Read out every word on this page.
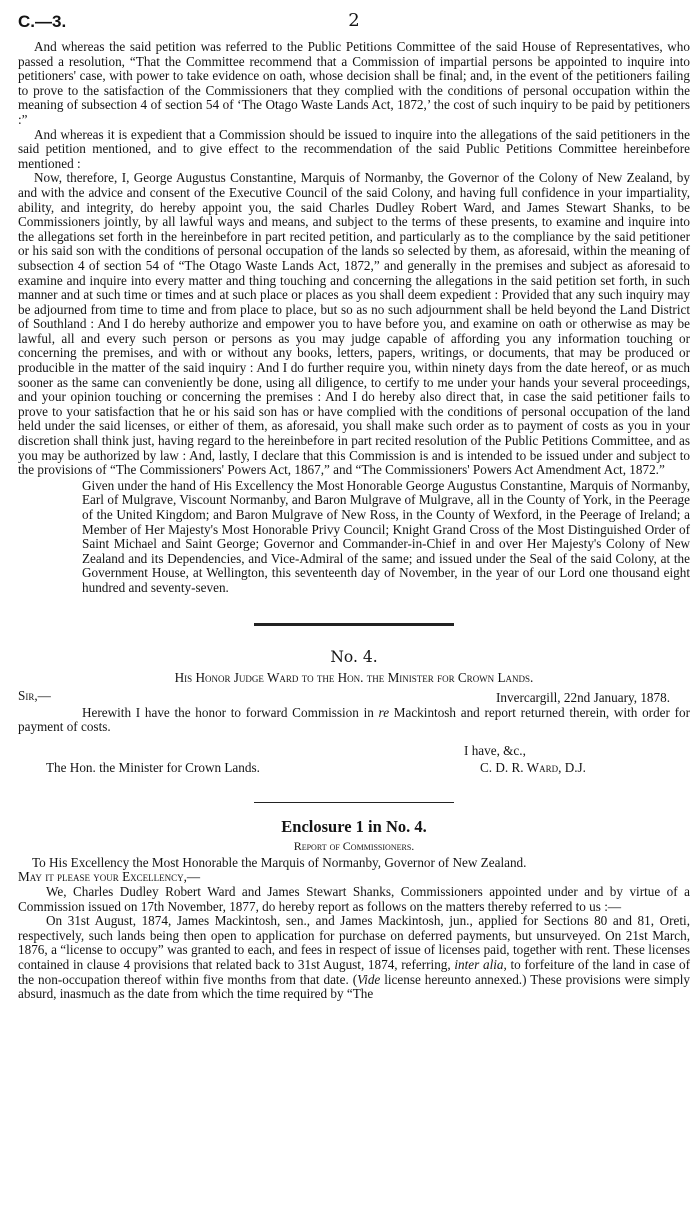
C.—3.	2

And whereas the said petition was referred to the Public Petitions Committee of the said House of Representatives, who passed a resolution, “That the Committee recommend that a Commission of impartial persons be appointed to inquire into petitioners' case, with power to take evidence on oath, whose decision shall be final; and, in the event of the petitioners failing to prove to the satisfaction of the Commissioners that they complied with the conditions of personal occupation within the meaning of subsection 4 of section 54 of ‘The Otago Waste Lands Act, 1872,’ the cost of such inquiry to be paid by petitioners :”

And whereas it is expedient that a Commission should be issued to inquire into the allegations of the said petitioners in the said petition mentioned, and to give effect to the recommendation of the said Public Petitions Committee hereinbefore mentioned :

Now, therefore, I, George Augustus Constantine, Marquis of Normanby, the Governor of the Colony of New Zealand, by and with the advice and consent of the Executive Council of the said Colony, and having full confidence in your impartiality, ability, and integrity, do hereby appoint you, the said Charles Dudley Robert Ward, and James Stewart Shanks, to be Commissioners jointly, by all lawful ways and means, and subject to the terms of these presents, to examine and inquire into the allegations set forth in the hereinbefore in part recited petition, and particularly as to the compliance by the said petitioner or his said son with the conditions of personal occupation of the lands so selected by them, as aforesaid, within the meaning of subsection 4 of section 54 of “The Otago Waste Lands Act, 1872,” and generally in the premises and subject as aforesaid to examine and inquire into every matter and thing touching and concerning the allegations in the said petition set forth, in such manner and at such time or times and at such place or places as you shall deem expedient : Provided that any such inquiry may be adjourned from time to time and from place to place, but so as no such adjournment shall be held beyond the Land District of Southland : And I do hereby authorize and empower you to have before you, and examine on oath or otherwise as may be lawful, all and every such person or persons as you may judge capable of affording you any information touching or concerning the premises, and with or without any books, letters, papers, writings, or documents, that may be produced or producible in the matter of the said inquiry : And I do further require you, within ninety days from the date hereof, or as much sooner as the same can conveniently be done, using all diligence, to certify to me under your hands your several proceedings, and your opinion touching or concerning the premises : And I do hereby also direct that, in case the said petitioner fails to prove to your satisfaction that he or his said son has or have complied with the conditions of personal occupation of the land held under the said licenses, or either of them, as aforesaid, you shall make such order as to payment of costs as you in your discretion shall think just, having regard to the hereinbefore in part recited resolution of the Public Petitions Committee, and as you may be authorized by law : And, lastly, I declare that this Commission is and is intended to be issued under and subject to the provisions of “The Commissioners' Powers Act, 1867,” and “The Commissioners' Powers Act Amendment Act, 1872.”

Given under the hand of His Excellency the Most Honorable George Augustus Constantine, Marquis of Normanby, Earl of Mulgrave, Viscount Normanby, and Baron Mulgrave of Mulgrave, all in the County of York, in the Peerage of the United Kingdom; and Baron Mulgrave of New Ross, in the County of Wexford, in the Peerage of Ireland; a Member of Her Majesty's Most Honorable Privy Council; Knight Grand Cross of the Most Distinguished Order of Saint Michael and Saint George; Governor and Commander-in-Chief in and over Her Majesty's Colony of New Zealand and its Dependencies, and Vice-Admiral of the same; and issued under the Seal of the said Colony, at the Government House, at Wellington, this seventeenth day of November, in the year of our Lord one thousand eight hundred and seventy-seven.

No. 4.
His Honor Judge Ward to the Hon. the Minister for Crown Lands.
Sir,—	Invercargill, 22nd January, 1878.

Herewith I have the honor to forward Commission in re Mackintosh and report returned therein, with order for payment of costs.

I have, &c.,
The Hon. the Minister for Crown Lands.	C. D. R. Ward, D.J.
Enclosure 1 in No. 4.
Report of Commissioners.

To His Excellency the Most Honorable the Marquis of Normanby, Governor of New Zealand.

May it please your Excellency,—

We, Charles Dudley Robert Ward and James Stewart Shanks, Commissioners appointed under and by virtue of a Commission issued on 17th November, 1877, do hereby report as follows on the matters thereby referred to us :—

On 31st August, 1874, James Mackintosh, sen., and James Mackintosh, jun., applied for Sections 80 and 81, Oreti, respectively, such lands being then open to application for purchase on deferred payments, but unsurveyed. On 21st March, 1876, a “license to occupy” was granted to each, and fees in respect of issue of licenses paid, together with rent. These licenses contained in clause 4 provisions that related back to 31st August, 1874, referring, inter alia, to forfeiture of the land in case of the non-occupation thereof within five months from that date. (Vide license hereunto annexed.) These provisions were simply absurd, inasmuch as the date from which the time required by “The
